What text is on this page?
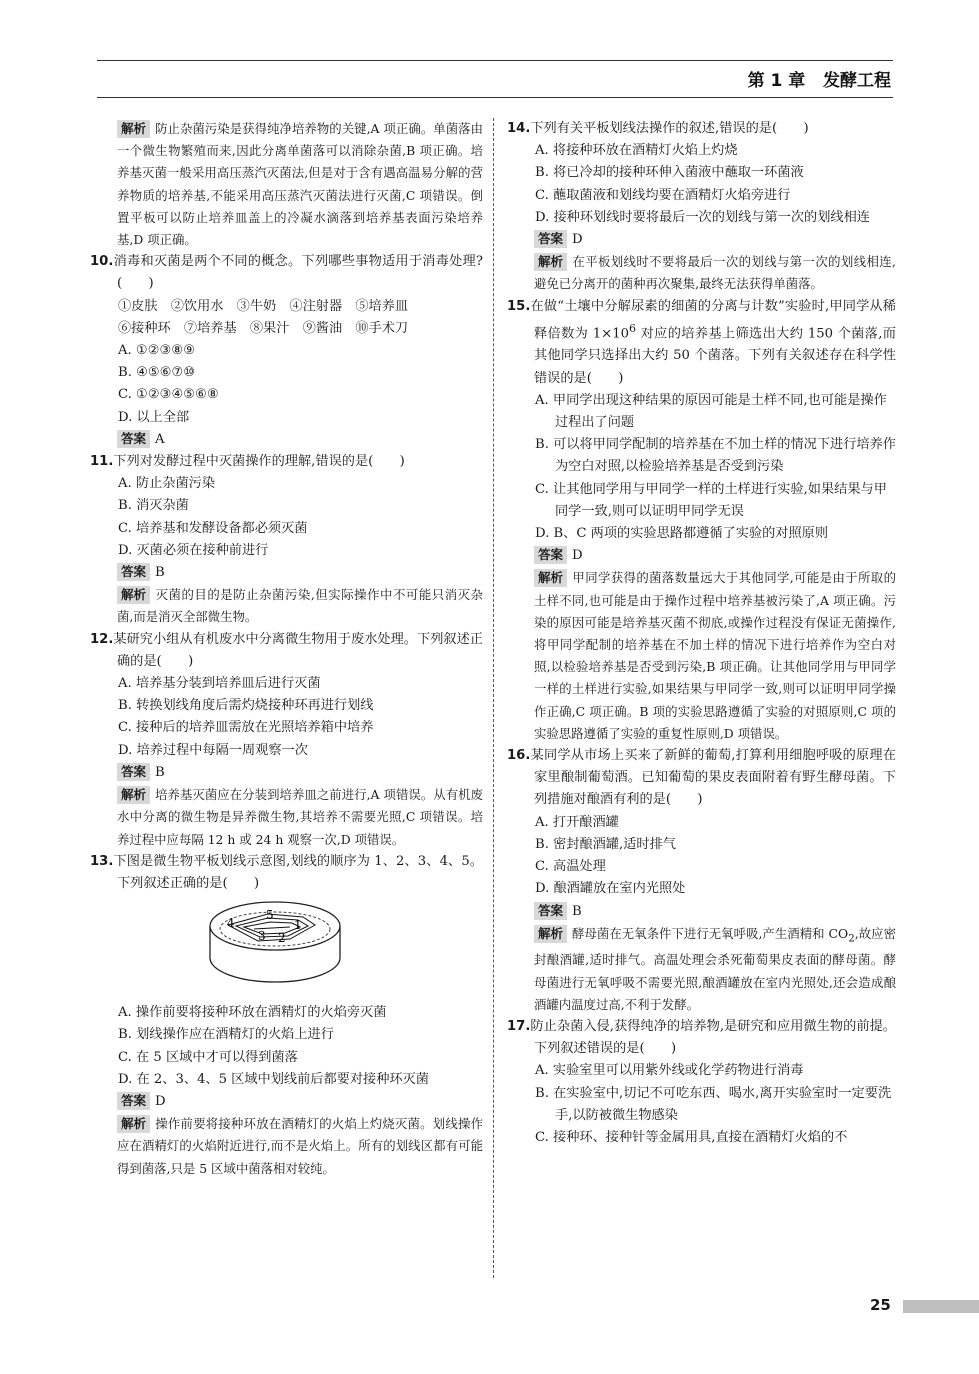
第 1 章   发酵工程

解析 防止杂菌污染是获得纯净培养物的关键,A 项正确。单菌落由一个微生物繁殖而来,因此分离单菌落可以消除杂菌,B 项正确。培养基灭菌一般采用高压蒸汽灭菌法,但是对于含有遇高温易分解的营养物质的培养基,不能采用高压蒸汽灭菌法进行灭菌,C 项错误。倒置平板可以防止培养皿盖上的冷凝水滴落到培养基表面污染培养基,D 项正确。

10.消毒和灭菌是两个不同的概念。下列哪些事物适用于消毒处理?(　　)

①皮肤　②饮用水　③牛奶　④注射器　⑤培养皿

⑥接种环　⑦培养基　⑧果汁　⑨酱油　⑩手术刀

A. ①②③⑧⑨

B. ④⑤⑥⑦⑩

C. ①②③④⑤⑥⑧

D. 以上全部

答案 A

11.下列对发酵过程中灭菌操作的理解,错误的是(　　)

A. 防止杂菌污染

B. 消灭杂菌

C. 培养基和发酵设备都必须灭菌

D. 灭菌必须在接种前进行

答案 B

解析 灭菌的目的是防止杂菌污染,但实际操作中不可能只消灭杂菌,而是消灭全部微生物。

12.某研究小组从有机废水中分离微生物用于废水处理。下列叙述正确的是(　　)

A. 培养基分装到培养皿后进行灭菌

B. 转换划线角度后需灼烧接种环再进行划线

C. 接种后的培养皿需放在光照培养箱中培养

D. 培养过程中每隔一周观察一次

答案 B

解析 培养基灭菌应在分装到培养皿之前进行,A 项错误。从有机废水中分离的微生物是异养微生物,其培养不需要光照,C 项错误。培养过程中应每隔 12 h 或 24 h 观察一次,D 项错误。

13.下图是微生物平板划线示意图,划线的顺序为 1、2、3、4、5。下列叙述正确的是(　　)

1
2
3
4
5

A. 操作前要将接种环放在酒精灯的火焰旁灭菌

B. 划线操作应在酒精灯的火焰上进行

C. 在 5 区域中才可以得到菌落

D. 在 2、3、4、5 区域中划线前后都要对接种环灭菌

答案 D

解析 操作前要将接种环放在酒精灯的火焰上灼烧灭菌。划线操作应在酒精灯的火焰附近进行,而不是火焰上。所有的划线区都有可能得到菌落,只是 5 区域中菌落相对较纯。

14.下列有关平板划线法操作的叙述,错误的是(　　)

A. 将接种环放在酒精灯火焰上灼烧

B. 将已冷却的接种环伸入菌液中蘸取一环菌液

C. 蘸取菌液和划线均要在酒精灯火焰旁进行

D. 接种环划线时要将最后一次的划线与第一次的划线相连

答案 D

解析 在平板划线时不要将最后一次的划线与第一次的划线相连,避免已分离开的菌种再次聚集,最终无法获得单菌落。

15.在做“土壤中分解尿素的细菌的分离与计数”实验时,甲同学从稀释倍数为 $1\times 10^6$ 对应的培养基上筛选出大约 150 个菌落,而其他同学只选择出大约 50 个菌落。下列有关叙述存在科学性错误的是(　　)

A. 甲同学出现这种结果的原因可能是土样不同,也可能是操作过程出了问题

B. 可以将甲同学配制的培养基在不加土样的情况下进行培养作为空白对照,以检验培养基是否受到污染

C. 让其他同学用与甲同学一样的土样进行实验,如果结果与甲同学一致,则可以证明甲同学无误

D. B、C 两项的实验思路都遵循了实验的对照原则

答案 D

解析 甲同学获得的菌落数量远大于其他同学,可能是由于所取的土样不同,也可能是由于操作过程中培养基被污染了,A 项正确。污染的原因可能是培养基灭菌不彻底,或操作过程没有保证无菌操作,将甲同学配制的培养基在不加土样的情况下进行培养作为空白对照,以检验培养基是否受到污染,B 项正确。让其他同学用与甲同学一样的土样进行实验,如果结果与甲同学一致,则可以证明甲同学操作正确,C 项正确。B 项的实验思路遵循了实验的对照原则,C 项的实验思路遵循了实验的重复性原则,D 项错误。

16.某同学从市场上买来了新鲜的葡萄,打算利用细胞呼吸的原理在家里酿制葡萄酒。已知葡萄的果皮表面附着有野生酵母菌。下列措施对酿酒有利的是(　　)

A. 打开酿酒罐

B. 密封酿酒罐,适时排气

C. 高温处理

D. 酿酒罐放在室内光照处

答案 B

解析 酵母菌在无氧条件下进行无氧呼吸,产生酒精和 $CO_2$,故应密封酿酒罐,适时排气。高温处理会杀死葡萄果皮表面的酵母菌。酵母菌进行无氧呼吸不需要光照,酿酒罐放在室内光照处,还会造成酿酒罐内温度过高,不利于发酵。

17.防止杂菌入侵,获得纯净的培养物,是研究和应用微生物的前提。下列叙述错误的是(　　)

A. 实验室里可以用紫外线或化学药物进行消毒

B. 在实验室中,切记不可吃东西、喝水,离开实验室时一定要洗手,以防被微生物感染

C. 接种环、接种针等金属用具,直接在酒精灯火焰的不

25
